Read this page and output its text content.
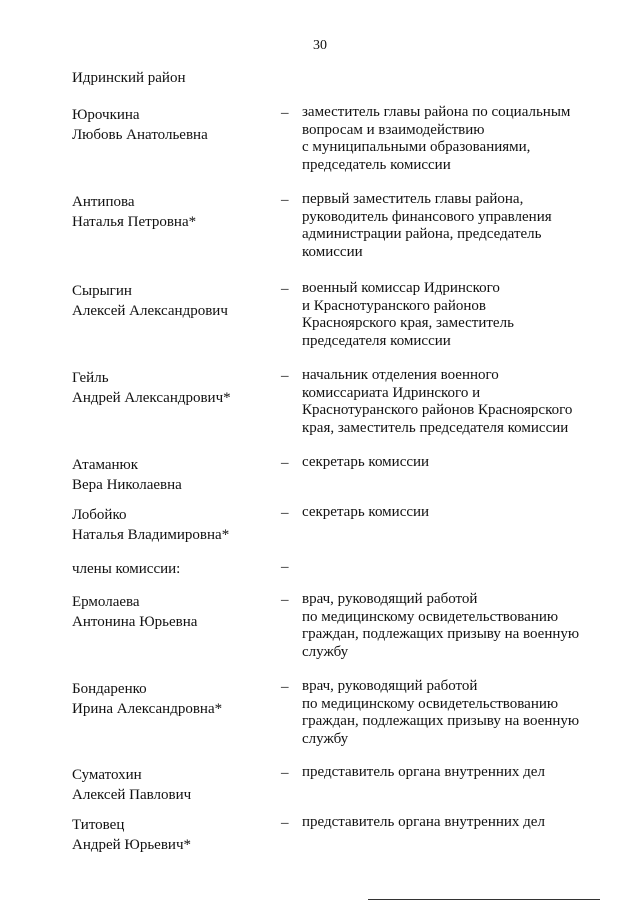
30
Идринский район
Юрочкина
Любовь Анатольевна
– заместитель главы района по социальным
вопросам и взаимодействию
с муниципальными образованиями,
председатель комиссии
Антипова
Наталья Петровна*
– первый заместитель главы района,
руководитель финансового управления
администрации района, председатель
комиссии
Сырыгин
Алексей Александрович
– военный комиссар Идринского
и Краснотуранского районов
Красноярского края, заместитель
председателя комиссии
Гейль
Андрей Александрович*
– начальник отделения военного
комиссариата Идринского и
Краснотуранского районов Красноярского
края, заместитель председателя комиссии
Атаманюк
Вера Николаевна
– секретарь комиссии
Лобойко
Наталья Владимировна*
– секретарь комиссии
члены комиссии:	–
Ермолаева
Антонина Юрьевна
– врач, руководящий работой
по медицинскому освидетельствованию
граждан, подлежащих призыву на военную
службу
Бондаренко
Ирина Александровна*
– врач, руководящий работой
по медицинскому освидетельствованию
граждан, подлежащих призыву на военную
службу
Суматохин
Алексей Павлович
– представитель органа внутренних дел
Титовец
Андрей Юрьевич*
– представитель органа внутренних дел
